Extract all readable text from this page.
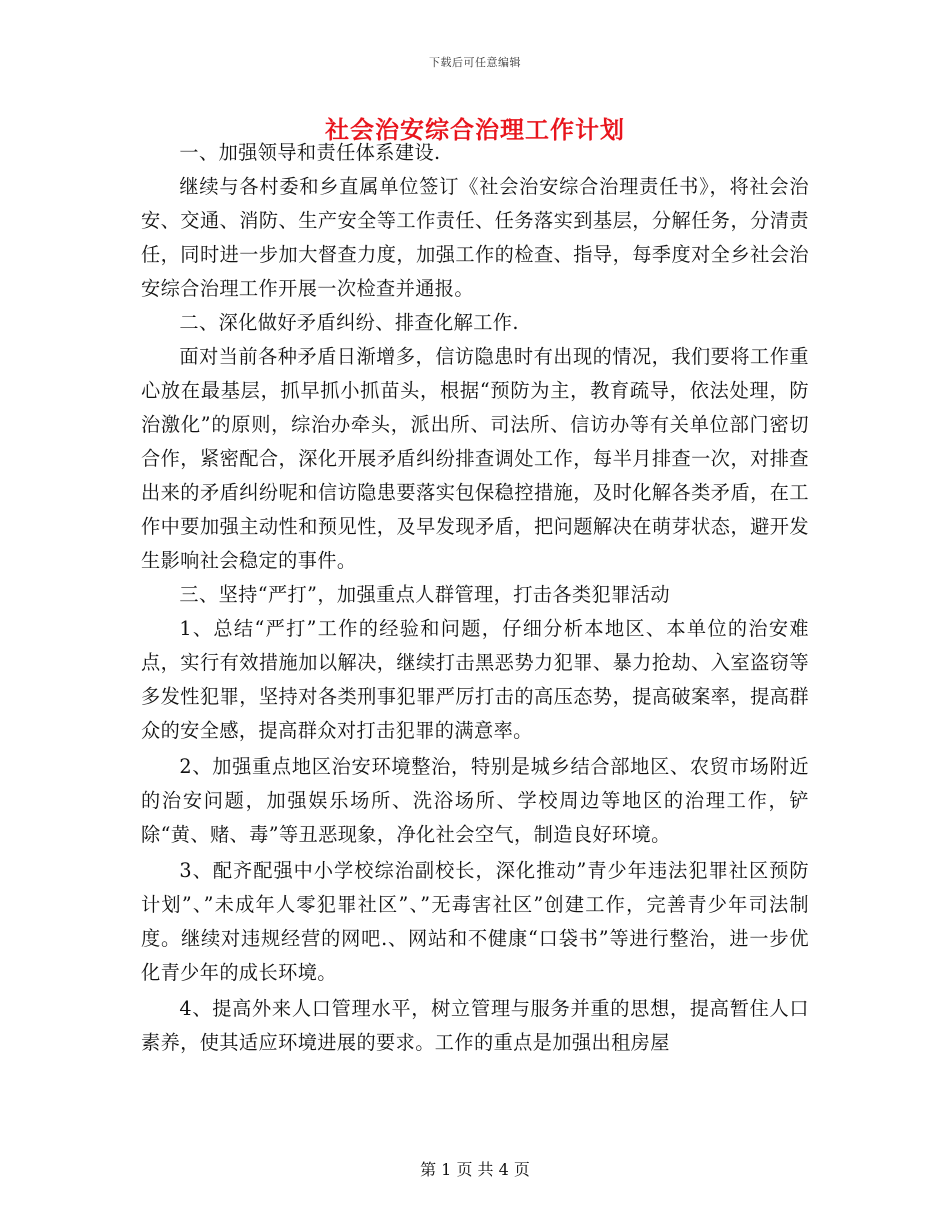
下载后可任意编辑
社会治安综合治理工作计划

一、加强领导和责任体系建设.

继续与各村委和乡直属单位签订《社会治安综合治理责任书》，将社会治安、交通、消防、生产安全等工作责任、任务落实到基层，分解任务，分清责任，同时进一步加大督查力度，加强工作的检查、指导，每季度对全乡社会治安综合治理工作开展一次检查并通报。

二、深化做好矛盾纠纷、排查化解工作.

面对当前各种矛盾日渐增多，信访隐患时有出现的情况，我们要将工作重心放在最基层，抓早抓小抓苗头，根据“预防为主，教育疏导，依法处理，防治激化”的原则，综治办牵头，派出所、司法所、信访办等有关单位部门密切合作，紧密配合，深化开展矛盾纠纷排查调处工作，每半月排查一次，对排查出来的矛盾纠纷呢和信访隐患要落实包保稳控措施，及时化解各类矛盾，在工作中要加强主动性和预见性，及早发现矛盾，把问题解决在萌芽状态，避开发生影响社会稳定的事件。

三、坚持“严打”，加强重点人群管理，打击各类犯罪活动

1、总结“严打”工作的经验和问题，仔细分析本地区、本单位的治安难点，实行有效措施加以解决，继续打击黑恶势力犯罪、暴力抢劫、入室盗窃等多发性犯罪，坚持对各类刑事犯罪严厉打击的高压态势，提高破案率，提高群众的安全感，提高群众对打击犯罪的满意率。

2、加强重点地区治安环境整治，特别是城乡结合部地区、农贸市场附近的治安问题，加强娱乐场所、洗浴场所、学校周边等地区的治理工作，铲除“黄、赌、毒”等丑恶现象，净化社会空气，制造良好环境。

3、配齐配强中小学校综治副校长，深化推动”青少年违法犯罪社区预防计划”、”未成年人零犯罪社区”、”无毒害社区”创建工作，完善青少年司法制度。继续对违规经营的网吧.、网站和不健康“口袋书”等进行整治，进一步优化青少年的成长环境。

4、提高外来人口管理水平，树立管理与服务并重的思想，提高暂住人口素养，使其适应环境进展的要求。工作的重点是加强出租房屋

第 1 页 共 4 页
